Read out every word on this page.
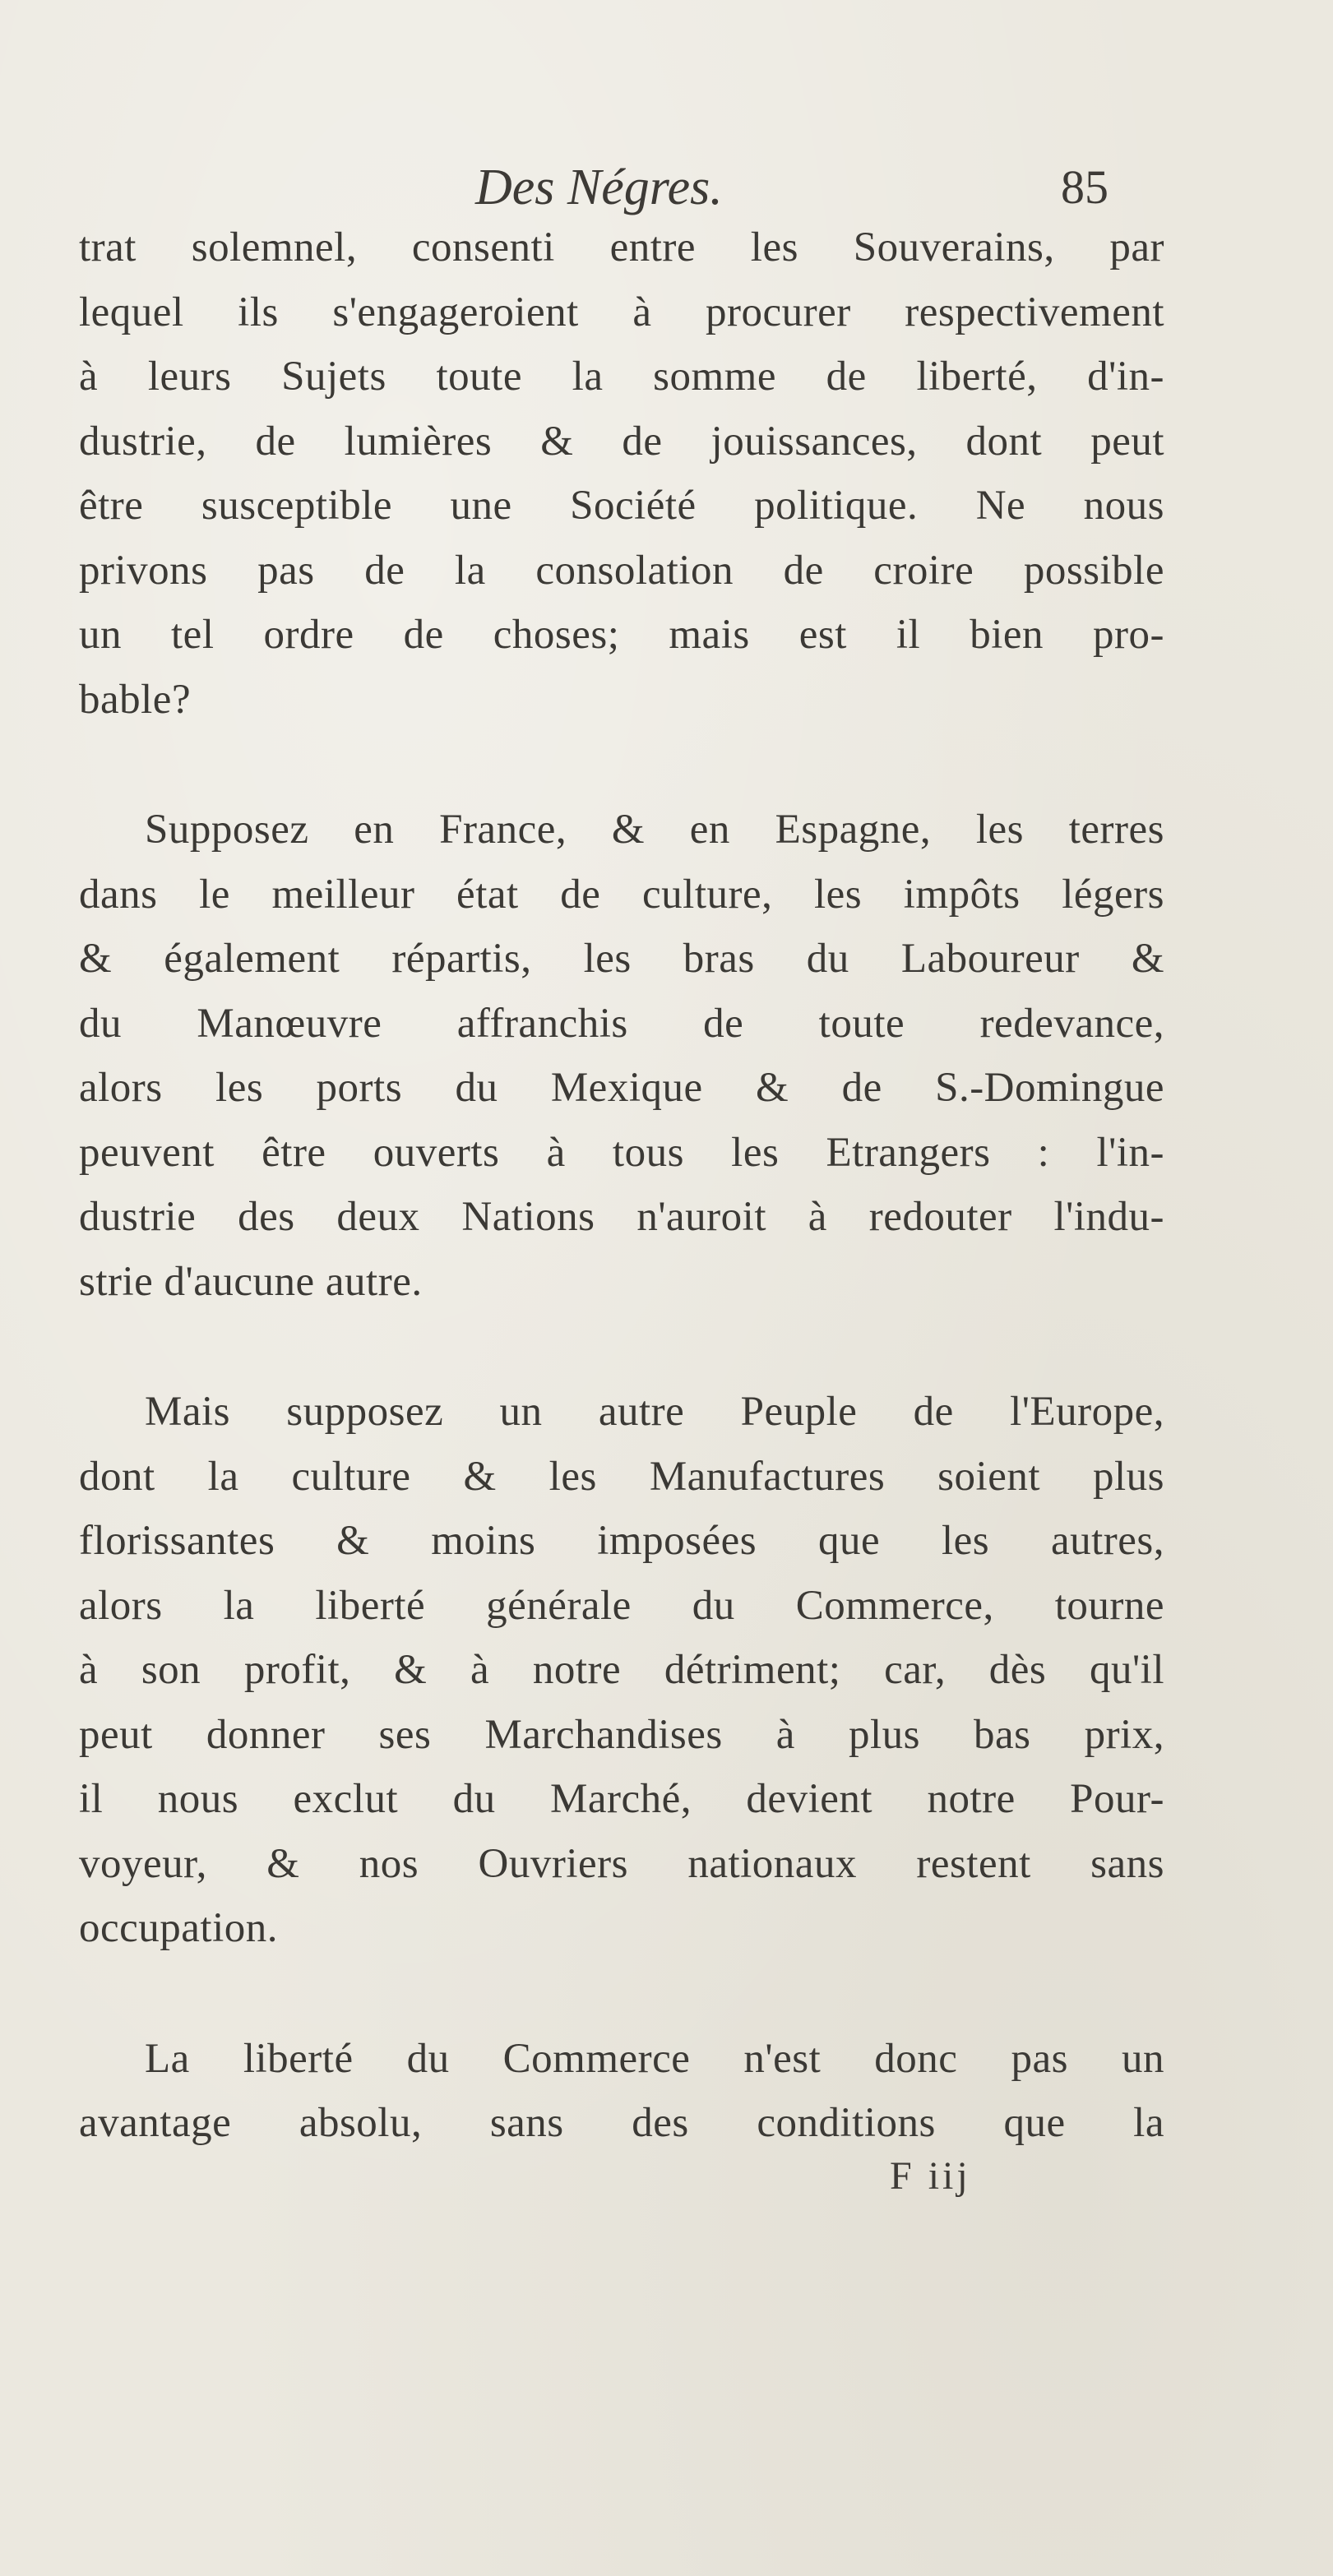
Des Négres.	85
trat solemnel, consenti entre les Souverains, par
lequel ils s'engageroient à procurer respectivement
à leurs Sujets toute la somme de liberté, d'in-
dustrie, de lumières & de jouissances, dont peut
être susceptible une Société politique. Ne nous
privons pas de la consolation de croire possible
un tel ordre de choses; mais est il bien pro-
bable?
Supposez en France, & en Espagne, les terres
dans le meilleur état de culture, les impôts légers
& également répartis, les bras du Laboureur &
du Manœuvre affranchis de toute redevance,
alors les ports du Mexique & de S.-Domingue
peuvent être ouverts à tous les Etrangers : l'in-
dustrie des deux Nations n'auroit à redouter l'indu-
strie d'aucune autre.
Mais supposez un autre Peuple de l'Europe,
dont la culture & les Manufactures soient plus
florissantes & moins imposées que les autres,
alors la liberté générale du Commerce, tourne
à son profit, & à notre détriment; car, dès qu'il
peut donner ses Marchandises à plus bas prix,
il nous exclut du Marché, devient notre Pour-
voyeur, & nos Ouvriers nationaux restent sans
occupation.
La liberté du Commerce n'est donc pas un
avantage absolu, sans des conditions que la
F iij
